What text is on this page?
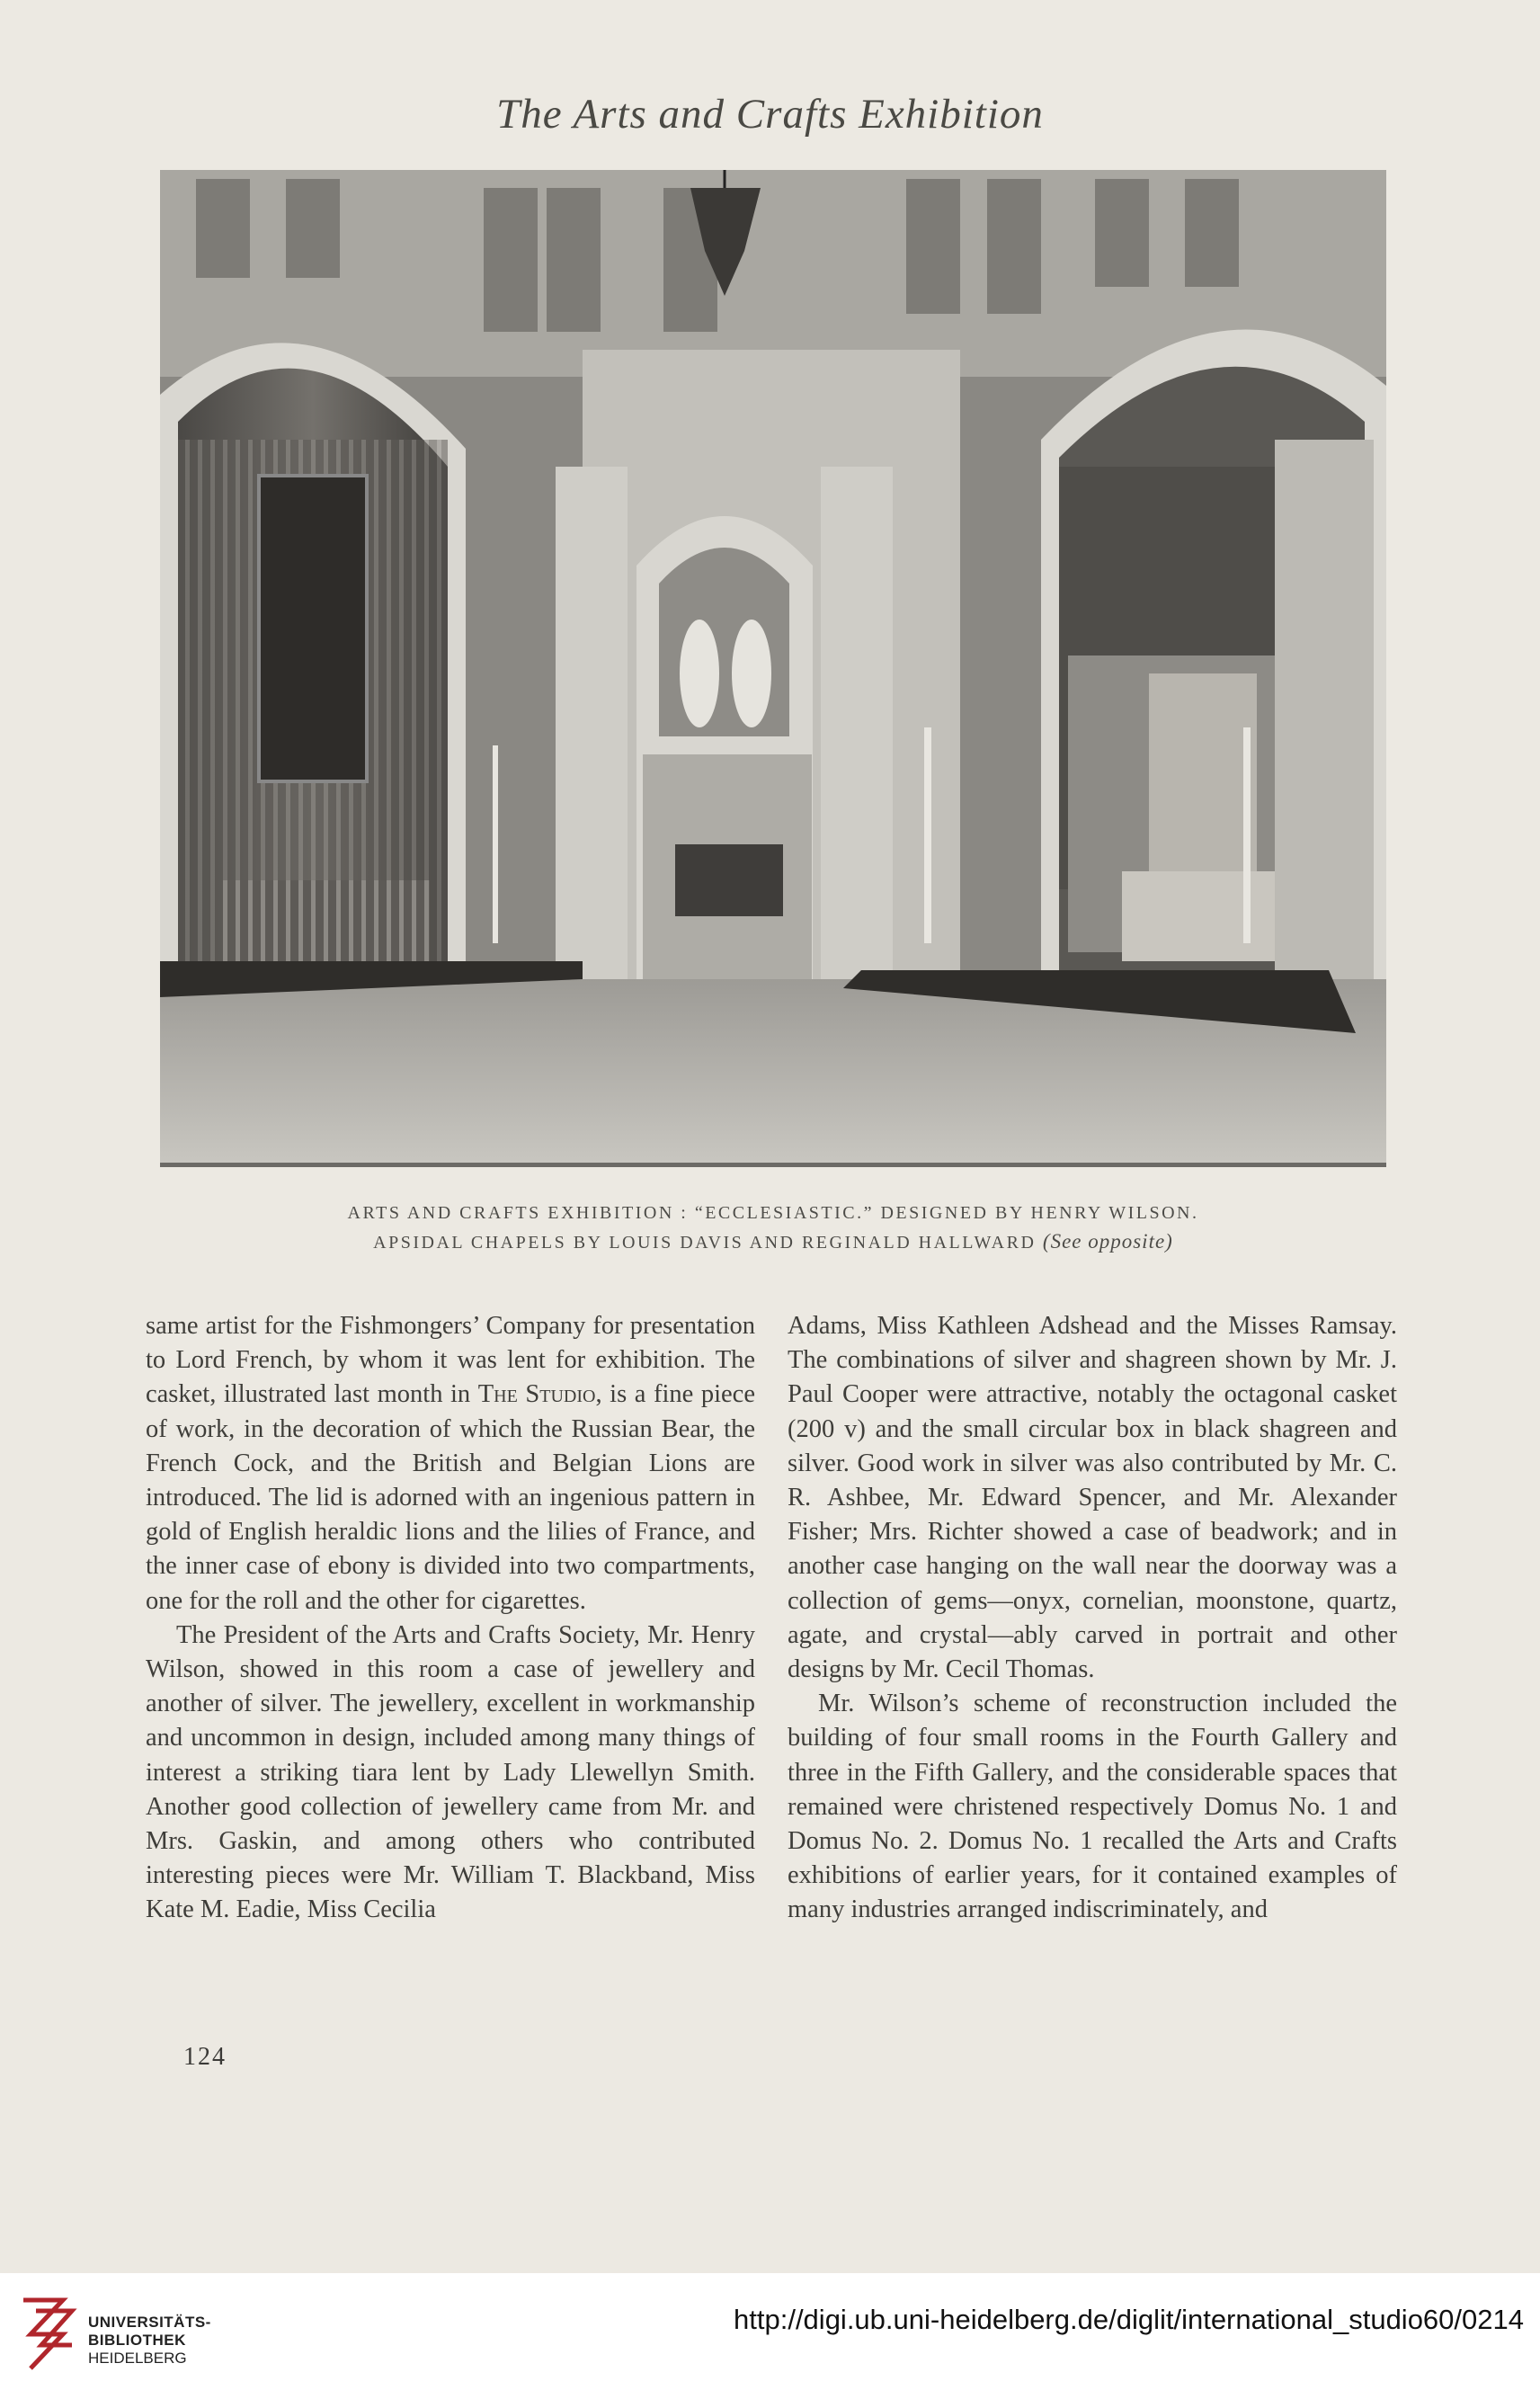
The Arts and Crafts Exhibition
ARTS AND CRAFTS EXHIBITION : “ECCLESIASTIC.” DESIGNED BY HENRY WILSON.
APSIDAL CHAPELS BY LOUIS DAVIS AND REGINALD HALLWARD (See opposite)

same artist for the Fishmongers’ Company for presentation to Lord French, by whom it was lent for exhibition. The casket, illustrated last month in The Studio, is a fine piece of work, in the decoration of which the Russian Bear, the French Cock, and the British and Belgian Lions are introduced. The lid is adorned with an ingenious pattern in gold of English heraldic lions and the lilies of France, and the inner case of ebony is divided into two compartments, one for the roll and the other for cigarettes.

The President of the Arts and Crafts Society, Mr. Henry Wilson, showed in this room a case of jewellery and another of silver. The jewellery, excellent in workmanship and uncommon in design, included among many things of interest a striking tiara lent by Lady Llewellyn Smith. Another good collection of jewellery came from Mr. and Mrs. Gaskin, and among others who contributed interesting pieces were Mr. William T. Blackband, Miss Kate M. Eadie, Miss Cecilia

Adams, Miss Kathleen Adshead and the Misses Ramsay. The combinations of silver and shagreen shown by Mr. J. Paul Cooper were attractive, notably the octagonal casket (200 v) and the small circular box in black shagreen and silver. Good work in silver was also contributed by Mr. C. R. Ashbee, Mr. Edward Spencer, and Mr. Alexander Fisher; Mrs. Richter showed a case of beadwork; and in another case hanging on the wall near the doorway was a collection of gems—onyx, cornelian, moonstone, quartz, agate, and crystal—ably carved in portrait and other designs by Mr. Cecil Thomas.

Mr. Wilson’s scheme of reconstruction included the building of four small rooms in the Fourth Gallery and three in the Fifth Gallery, and the considerable spaces that remained were christened respectively Domus No. 1 and Domus No. 2. Domus No. 1 recalled the Arts and Crafts exhibitions of earlier years, for it contained examples of many industries arranged indiscriminately, and

124
UNIVERSITÄTS-
BIBLIOTHEK
HEIDELBERG
http://digi.ub.uni-heidelberg.de/diglit/international_studio60/0214
